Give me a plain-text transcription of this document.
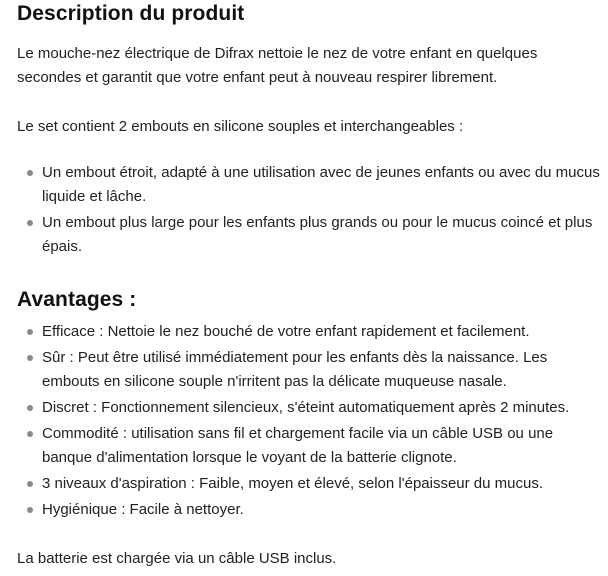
Description du produit

Le mouche-nez électrique de Difrax nettoie le nez de votre enfant en quelques secondes et garantit que votre enfant peut à nouveau respirer librement.

Le set contient 2 embouts en silicone souples et interchangeables :

Un embout étroit, adapté à une utilisation avec de jeunes enfants ou avec du mucus liquide et lâche.
Un embout plus large pour les enfants plus grands ou pour le mucus coincé et plus épais.
Avantages :
Efficace : Nettoie le nez bouché de votre enfant rapidement et facilement.
Sûr : Peut être utilisé immédiatement pour les enfants dès la naissance. Les embouts en silicone souple n'irritent pas la délicate muqueuse nasale.
Discret : Fonctionnement silencieux, s'éteint automatiquement après 2 minutes.
Commodité : utilisation sans fil et chargement facile via un câble USB ou une banque d'alimentation lorsque le voyant de la batterie clignote.
3 niveaux d'aspiration : Faible, moyen et élevé, selon l'épaisseur du mucus.
Hygiénique : Facile à nettoyer.

La batterie est chargée via un câble USB inclus.
